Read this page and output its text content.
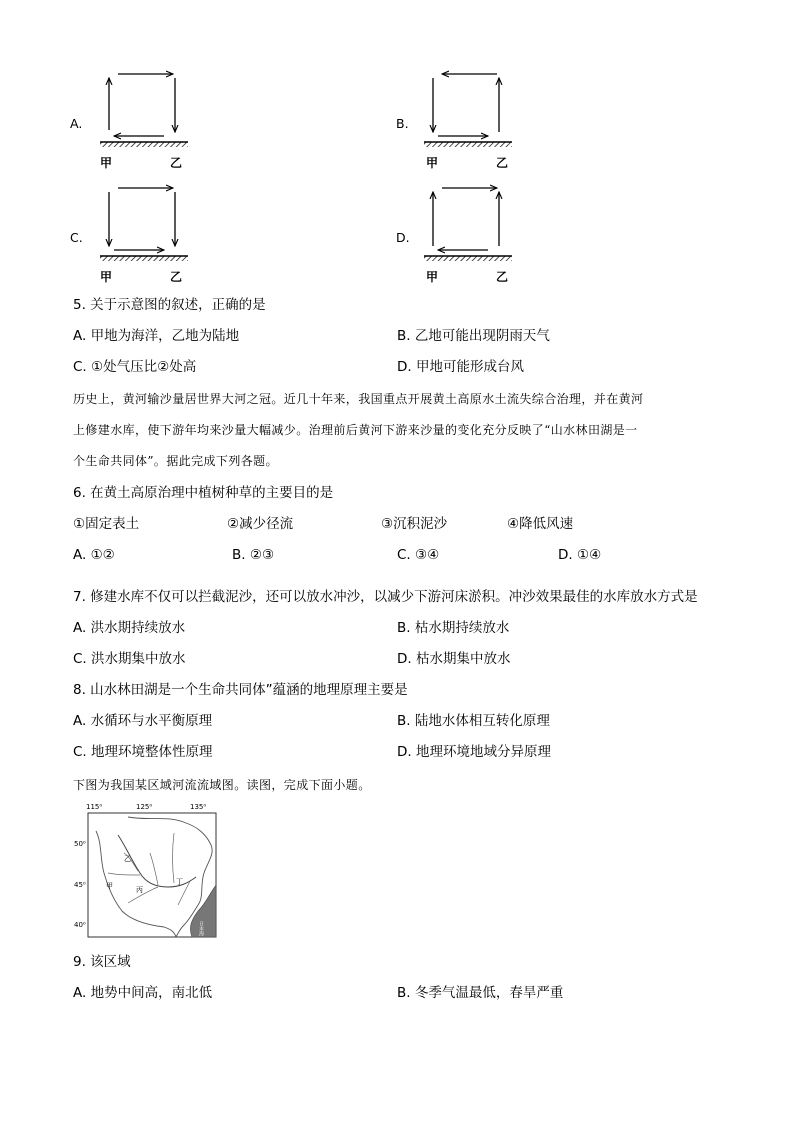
A.
甲	乙
B.
甲	乙
C.
甲	乙
D.
甲	乙
5. 关于示意图的叙述，正确的是
A. 甲地为海洋，乙地为陆地	B. 乙地可能出现阴雨天气
C. ①处气压比②处高	D. 甲地可能形成台风
历史上，黄河输沙量居世界大河之冠。近几十年来，我国重点开展黄土高原水土流失综合治理，并在黄河
上修建水库，使下游年均来沙量大幅减少。治理前后黄河下游来沙量的变化充分反映了“山水林田湖是一
个生命共同体”。据此完成下列各题。
6. 在黄土高原治理中植树种草的主要目的是
①固定表土	②减少径流	③沉积泥沙	④降低风速
A. ①②	B. ②③	C. ③④	D. ①④
7. 修建水库不仅可以拦截泥沙，还可以放水冲沙，以减少下游河床淤积。冲沙效果最佳的水库放水方式是
A. 洪水期持续放水	B. 枯水期持续放水
C. 洪水期集中放水	D. 枯水期集中放水
8. 山水林田湖是一个生命共同体”蕴涵的地理原理主要是
A. 水循环与水平衡原理	B. 陆地水体相互转化原理
C. 地理环境整体性原理	D. 地理环境地域分异原理
下图为我国某区域河流流域图。读图，完成下面小题。
115⁰	125⁰	135⁰
50⁰
45⁰
40⁰
甲
乙
丙
丁
日本海
9. 该区域
A. 地势中间高，南北低	B. 冬季气温最低，春旱严重
